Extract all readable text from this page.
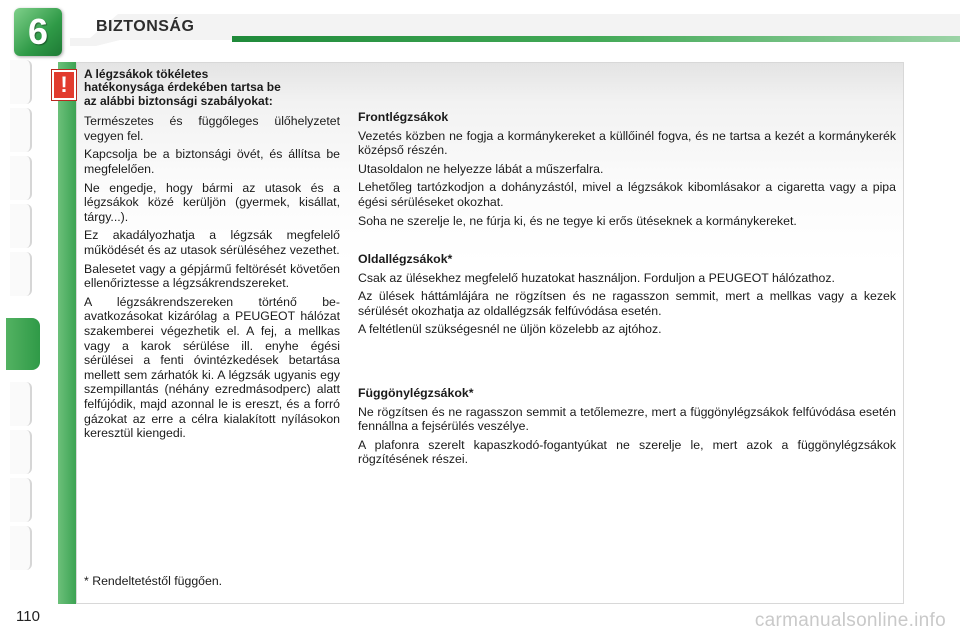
6	BIZTONSÁG
! A légzsákok tökéletes
hatékonysága érdekében tartsa be
az alábbi biztonsági szabályokat:

Természetes és függőleges ülőhelyzetet vegyen fel.

Kapcsolja be a biztonsági övét, és állítsa be megfelelően.

Ne engedje, hogy bármi az utasok és a légzsákok közé kerüljön (gyermek, kisállat, tárgy...).

Ez akadályozhatja a légzsák megfelelő működését és az utasok sérüléséhez vezethet.

Balesetet vagy a gépjármű feltörését követően ellenőriztesse a légzsákrendszereket.

A légzsákrendszereken történő beavatkozásokat kizárólag a PEUGEOT hálózat szakemberei végezhetik el. A fej, a mellkas vagy a karok sérülése ill. enyhe égési sérülései a fenti óvintézkedések betartása mellett sem zárhatók ki. A légzsák ugyanis egy szempillantás (néhány ezredmásodperc) alatt felfújódik, majd azonnal le is ereszt, és a forró gázokat az erre a célra kialakított nyílásokon keresztül kiengedi.

* Rendeltetéstől függően.
Frontlégzsákok

Vezetés közben ne fogja a kormánykereket a küllőinél fogva, és ne tartsa a kezét a kormánykerék középső részén.

Utasoldalon ne helyezze lábát a műszerfalra.

Lehetőleg tartózkodjon a dohányzástól, mivel a légzsákok kibomlásakor a cigaretta vagy a pipa égési sérüléseket okozhat.

Soha ne szerelje le, ne fúrja ki, és ne tegye ki erős ütéseknek a kormánykereket.

Oldallégzsákok*

Csak az ülésekhez megfelelő huzatokat használjon. Forduljon a PEUGEOT hálózathoz.

Az ülések háttámlájára ne rögzítsen és ne ragasszon semmit, mert a mellkas vagy a kezek sérülését okozhatja az oldallégzsák felfúvódása esetén.

A feltétlenül szükségesnél ne üljön közelebb az ajtóhoz.

Függönylégzsákok*

Ne rögzítsen és ne ragasszon semmit a tetőlemezre, mert a függönylégzsákok felfúvódása esetén fennállna a fejsérülés veszélye.

A plafonra szerelt kapaszkodó-fogantyúkat ne szerelje le, mert azok a függönylégzsákok rögzítésének részei.

110	carmanualsonline.info
